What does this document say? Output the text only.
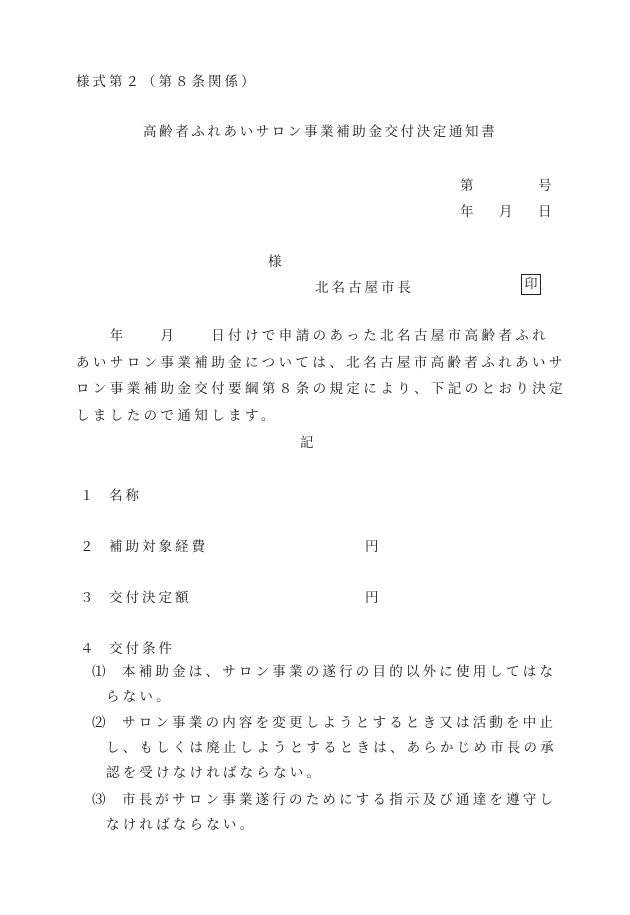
様式第２（第８条関係）
高齢者ふれあいサロン事業補助金交付決定通知書
第　　　号
年　月　日
様
北名古屋市長	印
　　年　　月　　日付けで申請のあった北名古屋市高齢者ふれ
あいサロン事業補助金については、北名古屋市高齢者ふれあいサ
ロン事業補助金交付要綱第８条の規定により、下記のとおり決定
しましたので通知します。
記
１ 名称
２ 補助対象経費	円
３ 交付決定額	円
４ 交付条件
⑴ 本補助金は、サロン事業の遂行の目的以外に使用してはな
らない。
⑵ サロン事業の内容を変更しようとするとき又は活動を中止
し、もしくは廃止しようとするときは、あらかじめ市長の承
認を受けなければならない。
⑶ 市長がサロン事業遂行のためにする指示及び通達を遵守し
なければならない。
